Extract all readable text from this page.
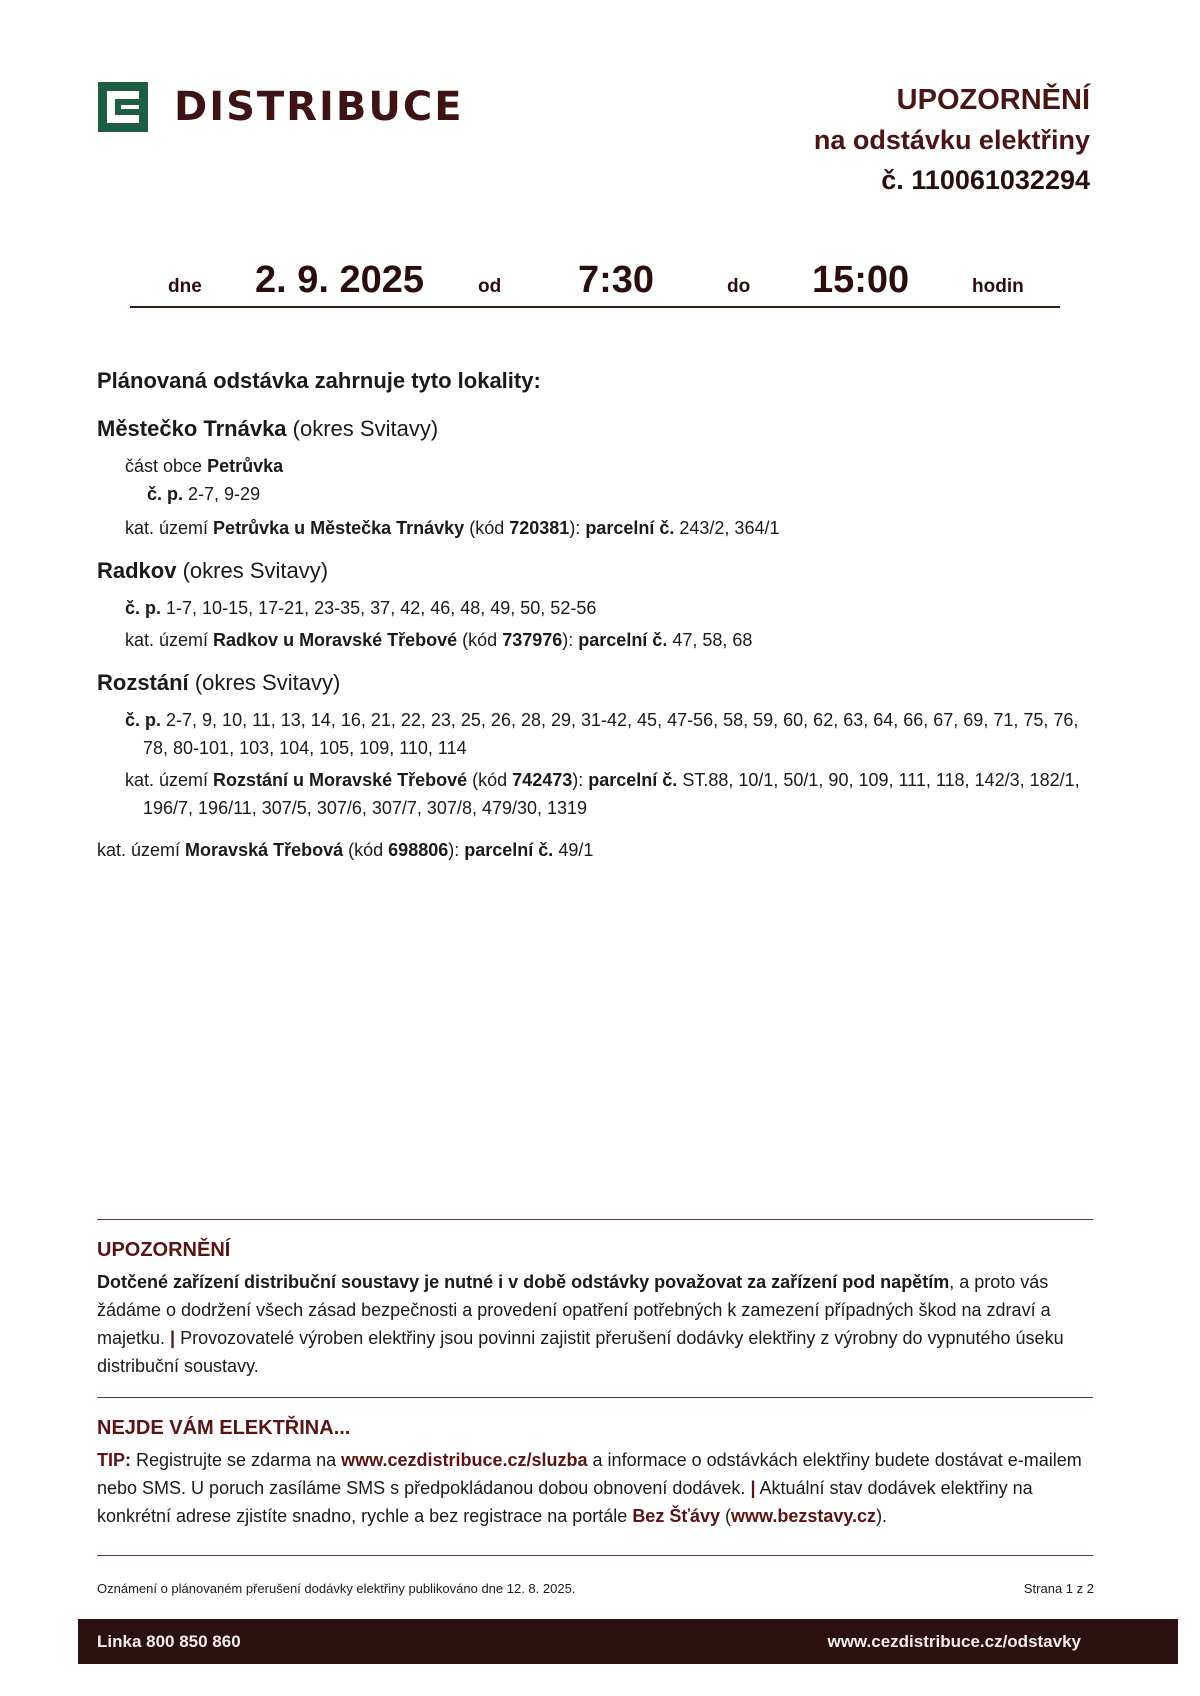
DISTRIBUCE	UPOZORNĚNÍ
na odstávku elektřiny
č. 110061032294
dne 2. 9. 2025	od 7:30	do 15:00	hodin

Plánovaná odstávka zahrnuje tyto lokality:

Městečko Trnávka (okres Svitavy)

část obce Petrůvka

č. p. 2-7, 9-29

kat. území Petrůvka u Městečka Trnávky (kód 720381): parcelní č. 243/2, 364/1

Radkov (okres Svitavy)

č. p. 1-7, 10-15, 17-21, 23-35, 37, 42, 46, 48, 49, 50, 52-56

kat. území Radkov u Moravské Třebové (kód 737976): parcelní č. 47, 58, 68

Rozstání (okres Svitavy)

č. p. 2-7, 9, 10, 11, 13, 14, 16, 21, 22, 23, 25, 26, 28, 29, 31-42, 45, 47-56, 58, 59, 60, 62, 63, 64, 66, 67, 69, 71, 75, 76, 78, 80-101, 103, 104, 105, 109, 110, 114

kat. území Rozstání u Moravské Třebové (kód 742473): parcelní č. ST.88, 10/1, 50/1, 90, 109, 111, 118, 142/3, 182/1, 196/7, 196/11, 307/5, 307/6, 307/7, 307/8, 479/30, 1319

kat. území Moravská Třebová (kód 698806): parcelní č. 49/1

UPOZORNĚNÍ

Dotčené zařízení distribuční soustavy je nutné i v době odstávky považovat za zařízení pod napětím, a proto vás žádáme o dodržení všech zásad bezpečnosti a provedení opatření potřebných k zamezení případných škod na zdraví a majetku. | Provozovatelé výroben elektřiny jsou povinni zajistit přerušení dodávky elektřiny z výrobny do vypnutého úseku distribuční soustavy.

NEJDE VÁM ELEKTŘINA...

TIP: Registrujte se zdarma na www.cezdistribuce.cz/sluzba a informace o odstávkách elektřiny budete dostávat e-mailem nebo SMS. U poruch zasíláme SMS s předpokládanou dobou obnovení dodávek. | Aktuální stav dodávek elektřiny na konkrétní adrese zjistíte snadno, rychle a bez registrace na portále Bez Šťávy (www.bezstavy.cz).

Oznámení o plánovaném přerušení dodávky elektřiny publikováno dne 12. 8. 2025.	Strana 1 z 2
Linka 800 850 860	www.cezdistribuce.cz/odstavky
